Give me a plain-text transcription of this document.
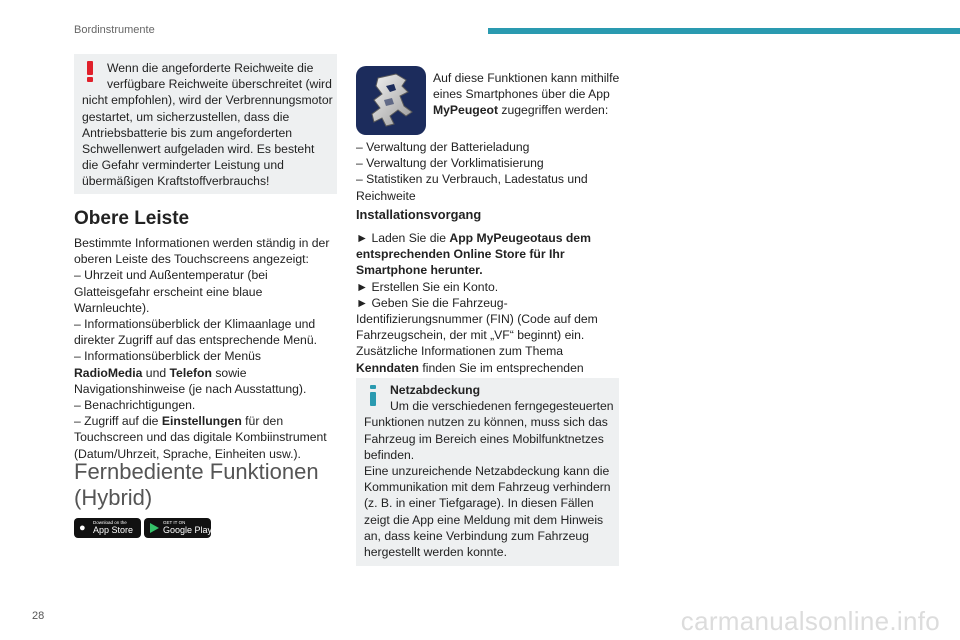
Bordinstrumente

Wenn die angeforderte Reichweite die verfügbare Reichweite überschreitet (wird

nicht empfohlen), wird der Verbrennungsmotor gestartet, um sicherzustellen, dass die Antriebsbatterie bis zum angeforderten Schwellenwert aufgeladen wird. Es besteht die Gefahr verminderter Leistung und übermäßigen Kraftstoffverbrauchs!

Obere Leiste

Bestimmte Informationen werden ständig in der oberen Leiste des Touchscreens angezeigt:

– Uhrzeit und Außentemperatur (bei Glatteisgefahr erscheint eine blaue Warnleuchte).

– Informationsüberblick der Klimaanlage und direkter Zugriff auf das entsprechende Menü.

– Informationsüberblick der Menüs
RadioMedia und Telefon sowie Navigationshinweise (je nach Ausstattung).

– Benachrichtigungen.

– Zugriff auf die Einstellungen für den Touchscreen und das digitale Kombiinstrument (Datum/Uhrzeit, Sprache, Einheiten usw.).

Fernbediente Funktionen (Hybrid)
● Download on the
App Store
GET IT ON
Google Play

Auf diese Funktionen kann mithilfe eines Smartphones über die App MyPeugeot zugegriffen werden:

– Verwaltung der Batterieladung

– Verwaltung der Vorklimatisierung

– Statistiken zu Verbrauch, Ladestatus und Reichweite

Installationsvorgang

► Laden Sie die App MyPeugeotaus dem entsprechenden Online Store für Ihr Smartphone herunter.

► Erstellen Sie ein Konto.

► Geben Sie die Fahrzeug-Identifizierungsnummer (FIN) (Code auf dem Fahrzeugschein, der mit „VF“ beginnt) ein.

Zusätzliche Informationen zum Thema Kenndaten finden Sie im entsprechenden

Netzabdeckung

Um die verschiedenen ferngegesteuerten

Funktionen nutzen zu können, muss sich das Fahrzeug im Bereich eines Mobilfunktnetzes befinden.

Eine unzureichende Netzabdeckung kann die Kommunikation mit dem Fahrzeug verhindern (z. B. in einer Tiefgarage). In diesen Fällen zeigt die App eine Meldung mit dem Hinweis an, dass keine Verbindung zum Fahrzeug hergestellt werden konnte.

28	carmanualsonline.info
